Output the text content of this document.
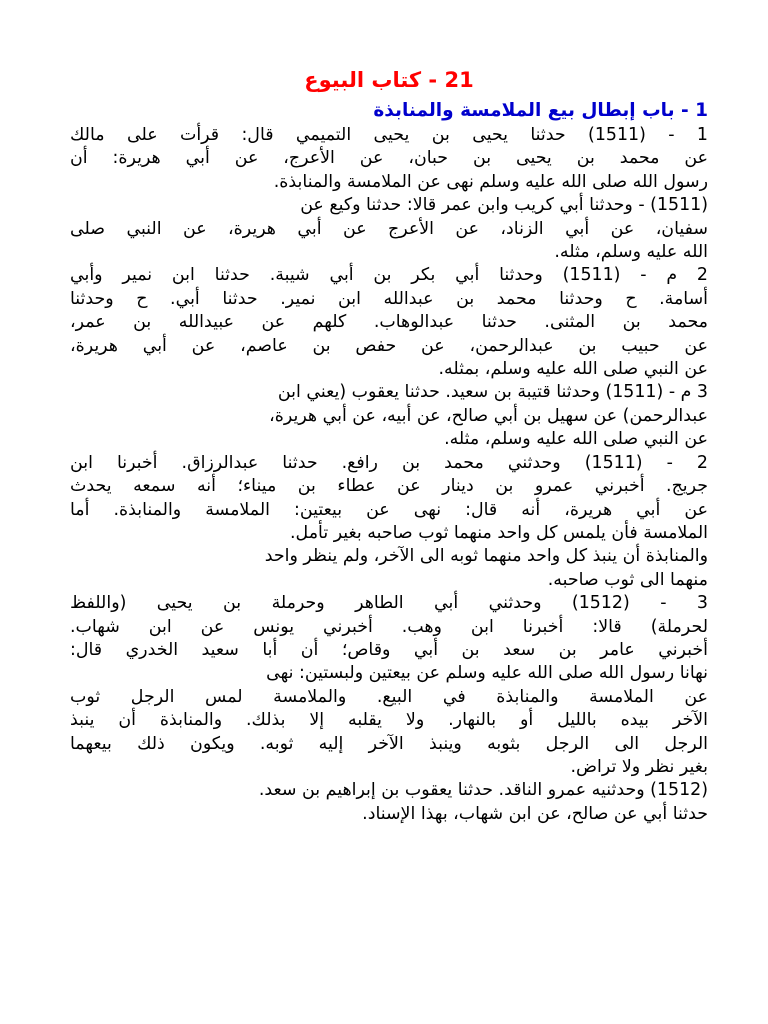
21 - كتاب البيوع
1 - باب إبطال بيع الملامسة والمنابذة
1 - (1511) حدثنا يحيى بن يحيى التميمي قال: قرأت على مالك
عن محمد بن يحيى بن حبان، عن الأعرج، عن أبي هريرة: أن
رسول الله صلى الله عليه وسلم نهى عن الملامسة والمنابذة.
(1511) - وحدثنا أبي كريب وابن عمر قالا: حدثنا وكيع عن
سفيان، عن أبي الزناد، عن الأعرج عن أبي هريرة، عن النبي صلى
الله عليه وسلم، مثله.
2 م - (1511) وحدثنا أبي بكر بن أبي شيبة. حدثنا ابن نمير وأبي
أسامة. ح وحدثنا محمد بن عبدالله ابن نمير. حدثنا أبي. ح وحدثنا
محمد بن المثنى. حدثنا عبدالوهاب. كلهم عن عبيدالله بن عمر،
عن حبيب بن عبدالرحمن، عن حفص بن عاصم، عن أبي هريرة،
عن النبي صلى الله عليه وسلم، بمثله.
3 م - (1511) وحدثنا قتيبة بن سعيد. حدثنا يعقوب (يعني ابن
عبدالرحمن) عن سهيل بن أبي صالح، عن أبيه، عن أبي هريرة،
عن النبي صلى الله عليه وسلم، مثله.
2 - (1511) وحدثني محمد بن رافع. حدثنا عبدالرزاق. أخبرنا ابن
جريج. أخبرني عمرو بن دينار عن عطاء بن ميناء؛ أنه سمعه يحدث
عن أبي هريرة، أنه قال: نهى عن بيعتين: الملامسة والمنابذة. أما
الملامسة فأن يلمس كل واحد منهما ثوب صاحبه بغير تأمل.
والمنابذة أن ينبذ كل واحد منهما ثوبه الى الآخر، ولم ينظر واحد
منهما الى ثوب صاحبه.
3 - (1512) وحدثني أبي الطاهر وحرملة بن يحيى (واللفظ
لحرملة) قالا: أخبرنا ابن وهب. أخبرني يونس عن ابن شهاب.
أخبرني عامر بن سعد بن أبي وقاص؛ أن أبا سعيد الخدري قال:
نهانا رسول الله صلى الله عليه وسلم عن بيعتين ولبستين: نهى
عن الملامسة والمنابذة في البيع. والملامسة لمس الرجل ثوب
الآخر بيده بالليل أو بالنهار. ولا يقلبه إلا بذلك. والمنابذة أن ينبذ
الرجل الى الرجل بثوبه وينبذ الآخر إليه ثوبه. ويكون ذلك بيعهما
بغير نظر ولا تراض.
(1512) وحدثنيه عمرو الناقد. حدثنا يعقوب بن إبراهيم بن سعد.
حدثنا أبي عن صالح، عن ابن شهاب، بهذا الإسناد.
